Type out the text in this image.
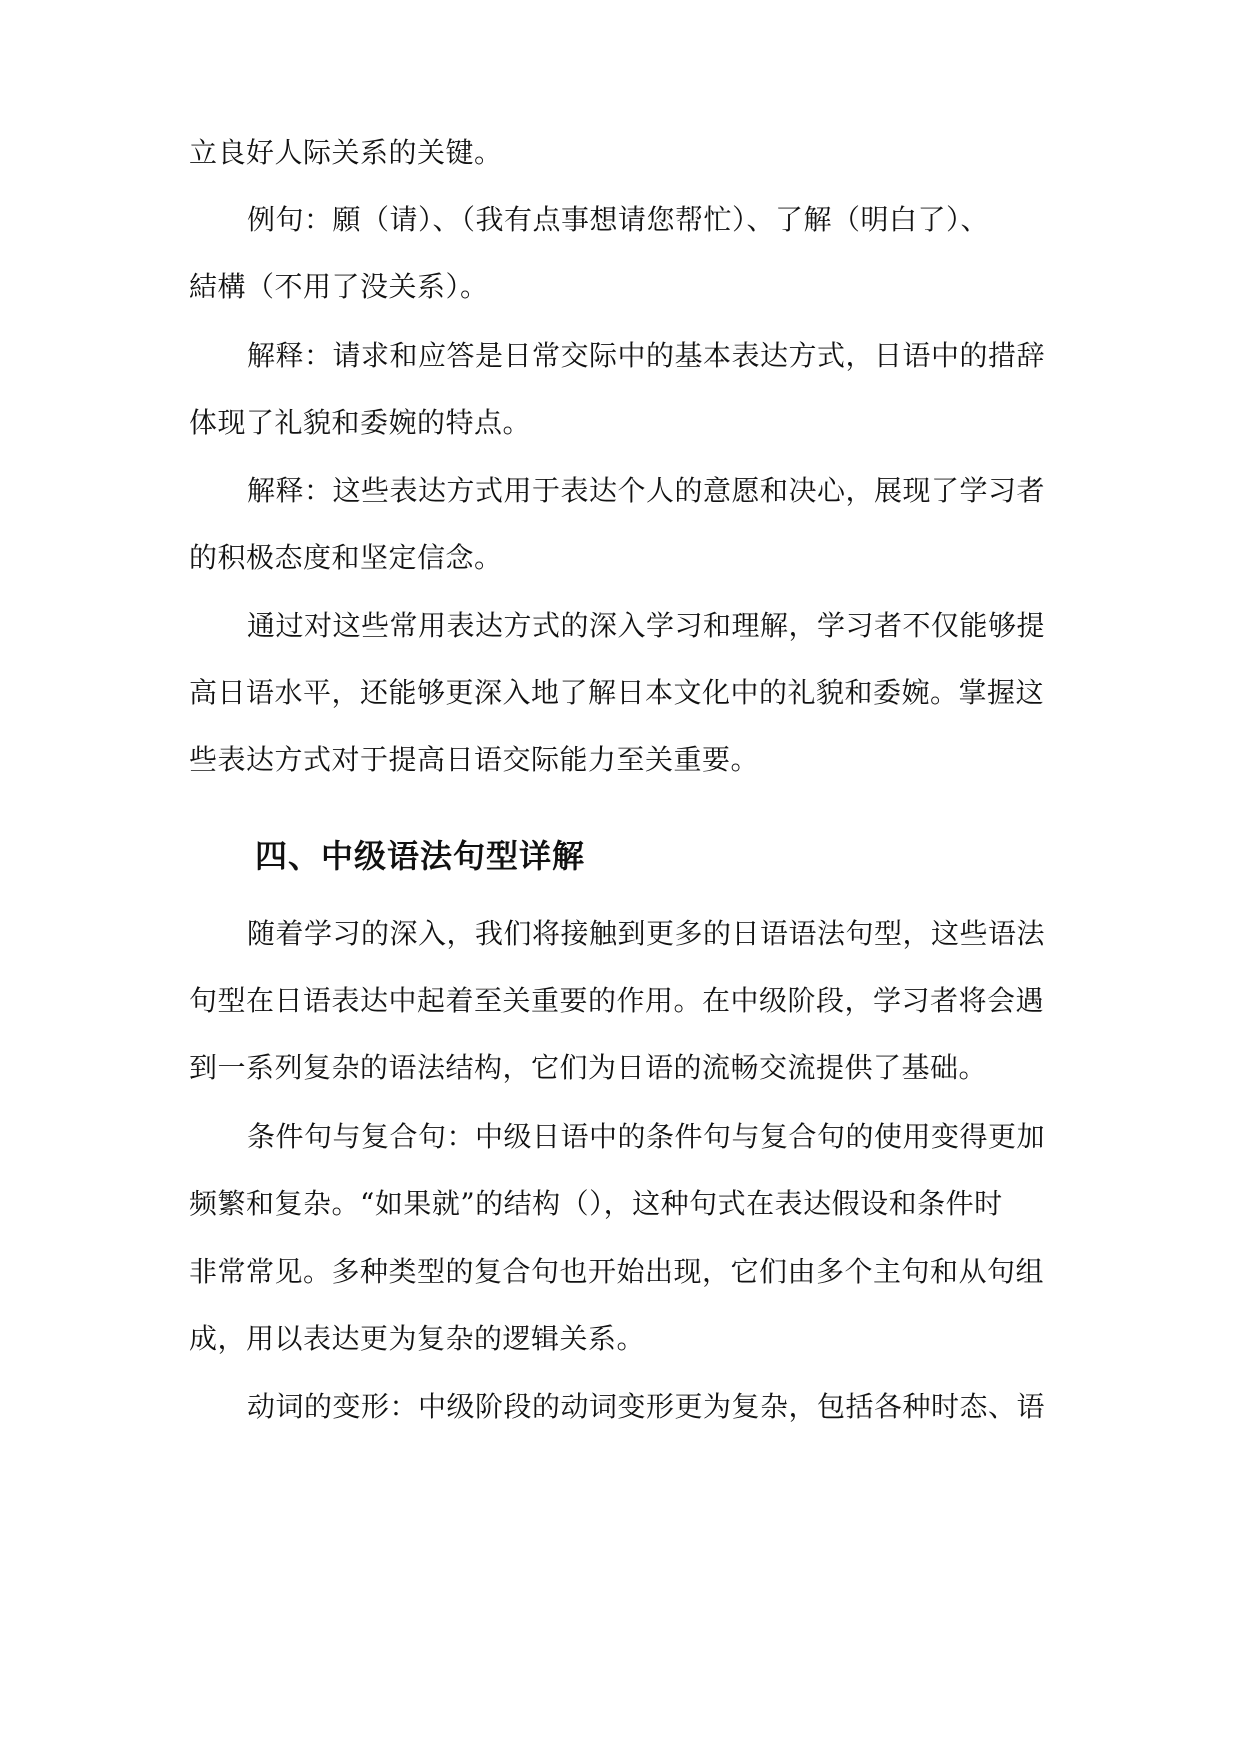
立良好人际关系的关键。
例句：願（请）、（我有点事想请您帮忙）、了解（明白了）、
結構（不用了没关系）。
解释：请求和应答是日常交际中的基本表达方式，日语中的措辞
体现了礼貌和委婉的特点。
解释：这些表达方式用于表达个人的意愿和决心，展现了学习者
的积极态度和坚定信念。
通过对这些常用表达方式的深入学习和理解，学习者不仅能够提
高日语水平，还能够更深入地了解日本文化中的礼貌和委婉。掌握这
些表达方式对于提高日语交际能力至关重要。
四、中级语法句型详解
随着学习的深入，我们将接触到更多的日语语法句型，这些语法
句型在日语表达中起着至关重要的作用。在中级阶段，学习者将会遇
到一系列复杂的语法结构，它们为日语的流畅交流提供了基础。
条件句与复合句：中级日语中的条件句与复合句的使用变得更加
频繁和复杂。“如果就”的结构（），这种句式在表达假设和条件时
非常常见。多种类型的复合句也开始出现，它们由多个主句和从句组
成，用以表达更为复杂的逻辑关系。
动词的变形：中级阶段的动词变形更为复杂，包括各种时态、语
